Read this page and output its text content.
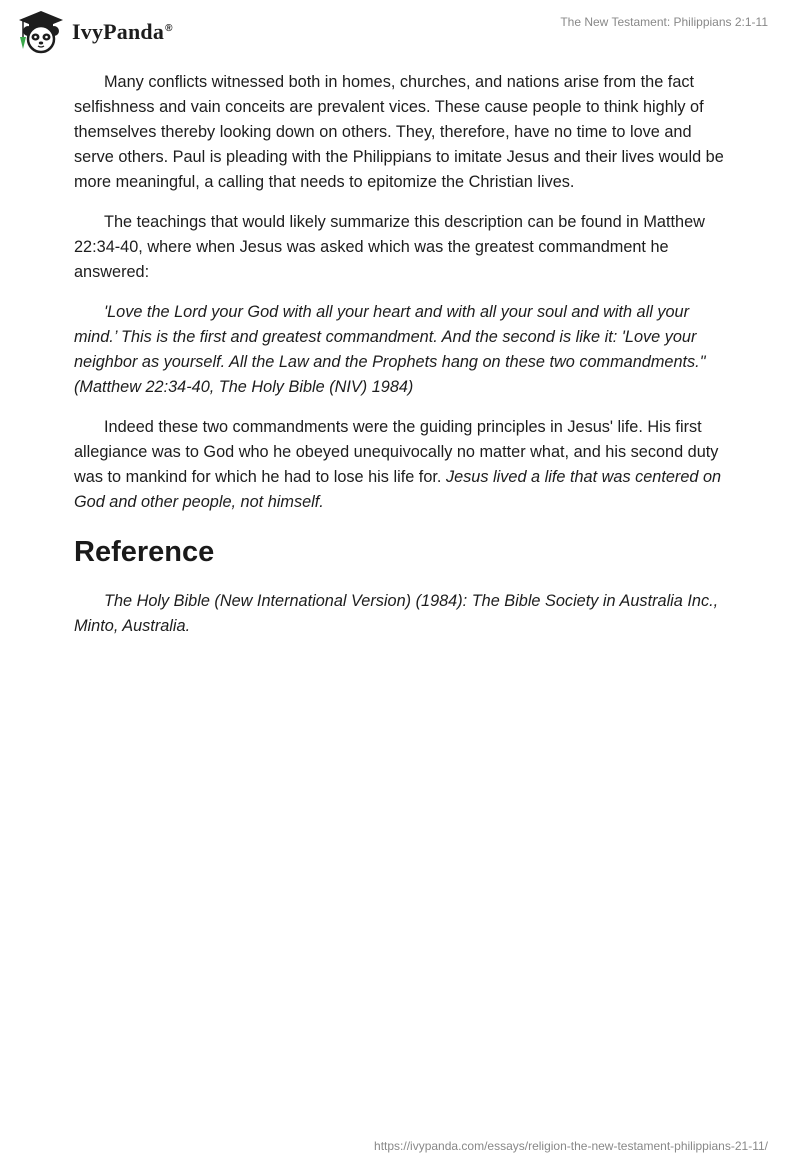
IvyPanda®	The New Testament: Philippians 2:1-11

Many conflicts witnessed both in homes, churches, and nations arise from the fact selfishness and vain conceits are prevalent vices. These cause people to think highly of themselves thereby looking down on others. They, therefore, have no time to love and serve others. Paul is pleading with the Philippians to imitate Jesus and their lives would be more meaningful, a calling that needs to epitomize the Christian lives.

The teachings that would likely summarize this description can be found in Matthew 22:34-40, where when Jesus was asked which was the greatest commandment he answered:

'Love the Lord your God with all your heart and with all your soul and with all your mind.’ This is the first and greatest commandment. And the second is like it: 'Love your neighbor as yourself. All the Law and the Prophets hang on these two commandments." (Matthew 22:34-40, The Holy Bible (NIV) 1984)

Indeed these two commandments were the guiding principles in Jesus' life. His first allegiance was to God who he obeyed unequivocally no matter what, and his second duty was to mankind for which he had to lose his life for. Jesus lived a life that was centered on God and other people, not himself.

Reference

The Holy Bible (New International Version) (1984): The Bible Society in Australia Inc., Minto, Australia.

https://ivypanda.com/essays/religion-the-new-testament-philippians-21-11/
